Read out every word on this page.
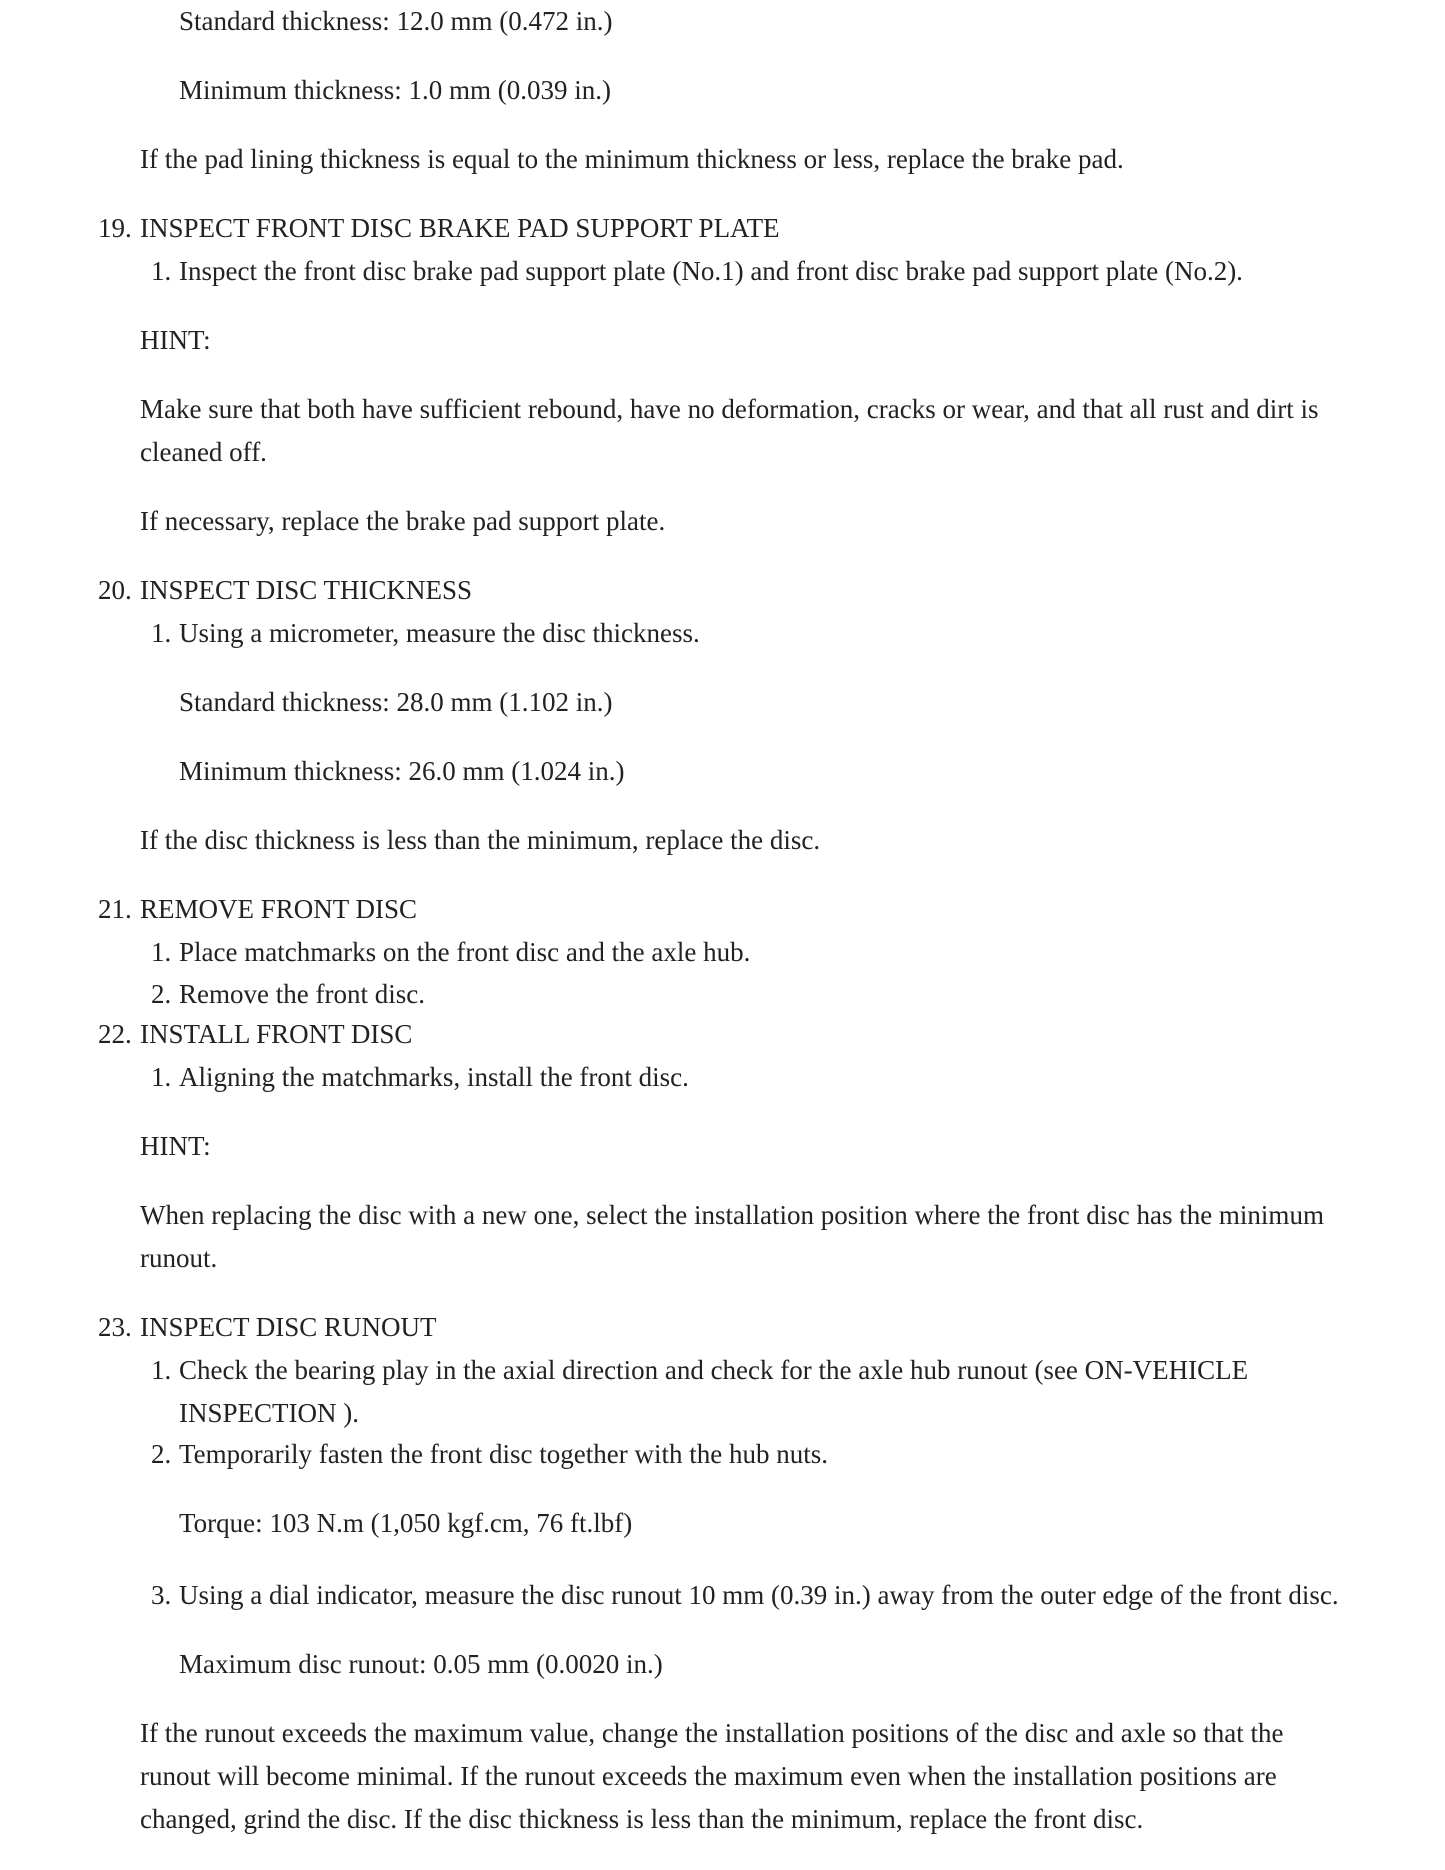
Standard thickness: 12.0 mm (0.472 in.)

Minimum thickness: 1.0 mm (0.039 in.)

If the pad lining thickness is equal to the minimum thickness or less, replace the brake pad.

19. INSPECT FRONT DISC BRAKE PAD SUPPORT PLATE

1. Inspect the front disc brake pad support plate (No.1) and front disc brake pad support plate (No.2).

HINT:

Make sure that both have sufficient rebound, have no deformation, cracks or wear, and that all rust and dirt is

cleaned off.

If necessary, replace the brake pad support plate.

20. INSPECT DISC THICKNESS

1. Using a micrometer, measure the disc thickness.

Standard thickness: 28.0 mm (1.102 in.)

Minimum thickness: 26.0 mm (1.024 in.)

If the disc thickness is less than the minimum, replace the disc.

21. REMOVE FRONT DISC

1. Place matchmarks on the front disc and the axle hub.

2. Remove the front disc.

22. INSTALL FRONT DISC

1. Aligning the matchmarks, install the front disc.

HINT:

When replacing the disc with a new one, select the installation position where the front disc has the minimum

runout.

23. INSPECT DISC RUNOUT

1. Check the bearing play in the axial direction and check for the axle hub runout (see ON-VEHICLE

INSPECTION ).

2. Temporarily fasten the front disc together with the hub nuts.

Torque: 103 N.m (1,050 kgf.cm, 76 ft.lbf)

3. Using a dial indicator, measure the disc runout 10 mm (0.39 in.) away from the outer edge of the front disc.

Maximum disc runout: 0.05 mm (0.0020 in.)

If the runout exceeds the maximum value, change the installation positions of the disc and axle so that the

runout will become minimal. If the runout exceeds the maximum even when the installation positions are

changed, grind the disc. If the disc thickness is less than the minimum, replace the front disc.
